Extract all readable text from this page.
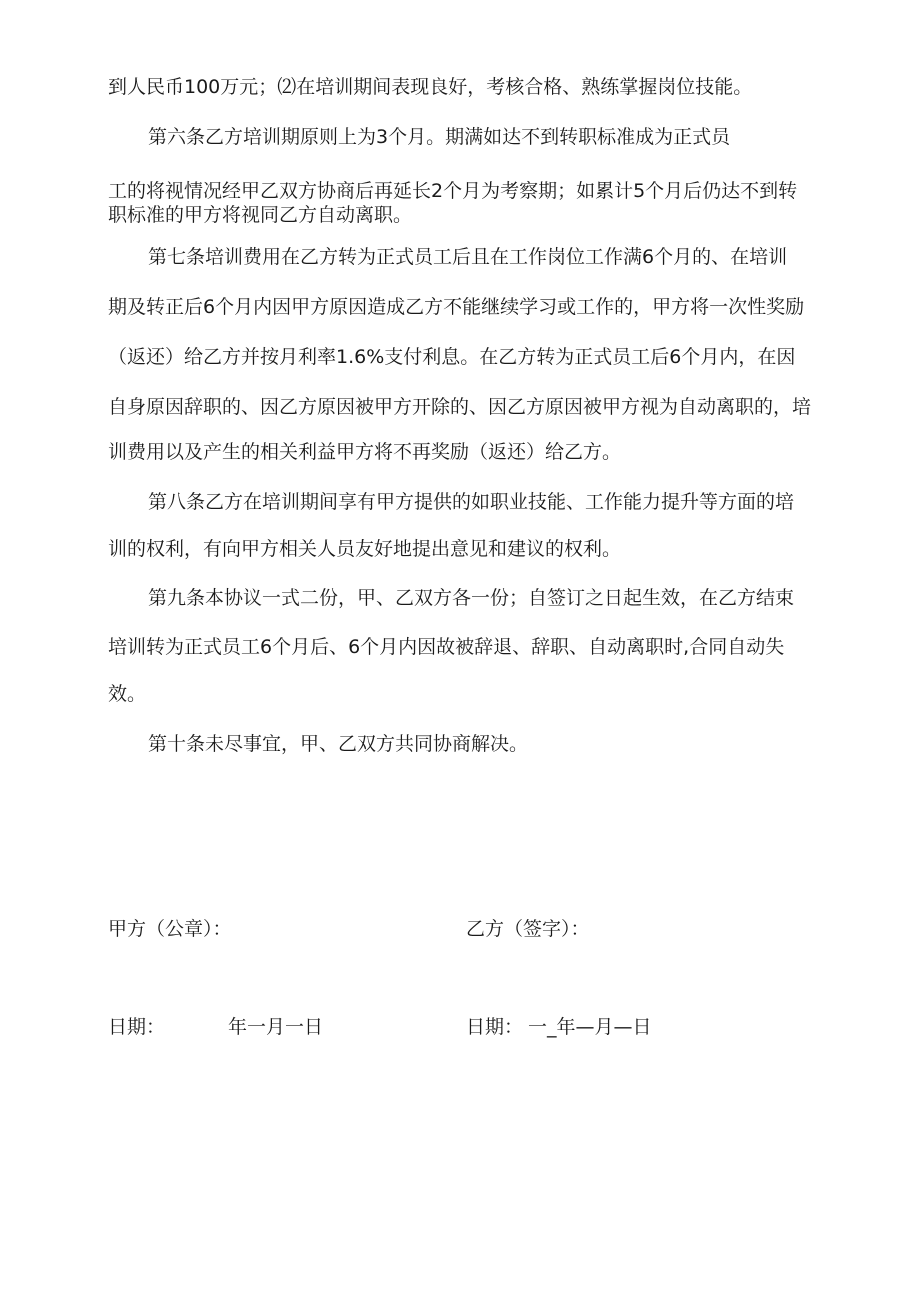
到人民币100万元；⑵在培训期间表现良好，考核合格、熟练掌握岗位技能。
第六条乙方培训期原则上为3个月。期满如达不到转职标准成为正式员
工的将视情况经甲乙双方协商后再延长2个月为考察期；如累计5个月后仍达不到转
职标准的甲方将视同乙方自动离职。
第七条培训费用在乙方转为正式员工后且在工作岗位工作满6个月的、在培训
期及转正后6个月内因甲方原因造成乙方不能继续学习或工作的，甲方将一次性奖励
（返还）给乙方并按月利率1.6%支付利息。在乙方转为正式员工后6个月内，在因
自身原因辞职的、因乙方原因被甲方开除的、因乙方原因被甲方视为自动离职的，培
训费用以及产生的相关利益甲方将不再奖励（返还）给乙方。
第八条乙方在培训期间享有甲方提供的如职业技能、工作能力提升等方面的培
训的权利，有向甲方相关人员友好地提出意见和建议的权利。
第九条本协议一式二份，甲、乙双方各一份；自签订之日起生效，在乙方结束
培训转为正式员工6个月后、6个月内因故被辞退、辞职、自动离职时,合同自动失
效。
第十条未尽事宜，甲、乙双方共同协商解决。
甲方（公章）：	乙方（签字）：
日期：	年一月一日	日期： 一_年—月—日
